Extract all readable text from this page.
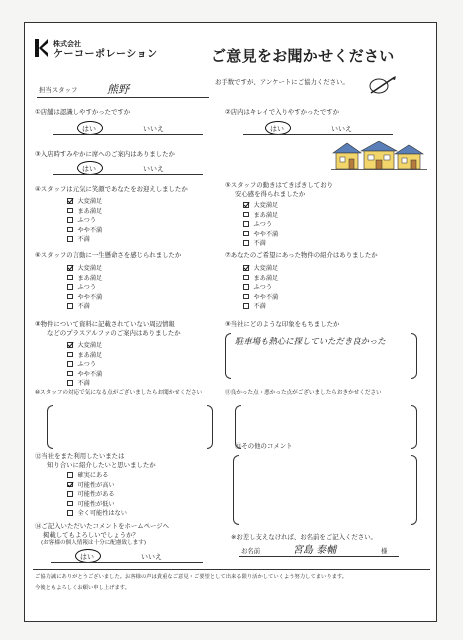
株式会社
ケーコーポレーション	ご意見をお聞かせください
お手数ですが、アンケートにご協力ください。
担当スタッフ	熊野
①店舗は認識しやすかったですか
はい	いいえ
②店内はキレイで入りやすかったですか
はい	いいえ
③入店時すみやかに席へのご案内はありましたか
はい	いいえ
④スタッフは元気に笑顔であなたをお迎えしましたか
大変満足
まあ満足
ふつう
やや不満
不満
⑤スタッフの動きはてきぱきしており
安心感を得られましたか
大変満足
まあ満足
ふつう
やや不満
不満
⑥スタッフの言動に一生懸命さを感じられましたか
大変満足
まあ満足
ふつう
やや不満
不満
⑦あなたのご希望にあった物件の紹介はありましたか
大変満足
まあ満足
ふつう
やや不満
不満
⑧物件について資料に記載されていない周辺情報
などのプラスアルファのご案内はありましたか
大変満足
まあ満足
ふつう
やや不満
不満
⑨当社にどのような印象をもちましたか
駐車場も熱心に探していただき良かった
⑩スタッフの対応で気になる点がございましたらお聞かせください	⑪良かった点・悪かった点がございましたらおきかせください
⑫当社をまた利用したいまたは
知り合いに紹介したいと思いましたか
確実にある
可能性が高い
可能性がある
可能性が低い
全く可能性はない
⑬その他のコメント
⑭ご記入いただいたコメントをホームページへ
掲載してもよろしいでしょうか？
(お客様の個人情報は十分に配慮致します)
はい	いいえ
※お差し支えなければ、お名前をご記入ください。
お名前	宮島 泰輔	様
ご協力誠にありがとうございました。お客様の声は貴重なご意見・ご要望として出来る限り活かしていくよう努力してまいります。
今後ともよろしくお願い申し上げます。
